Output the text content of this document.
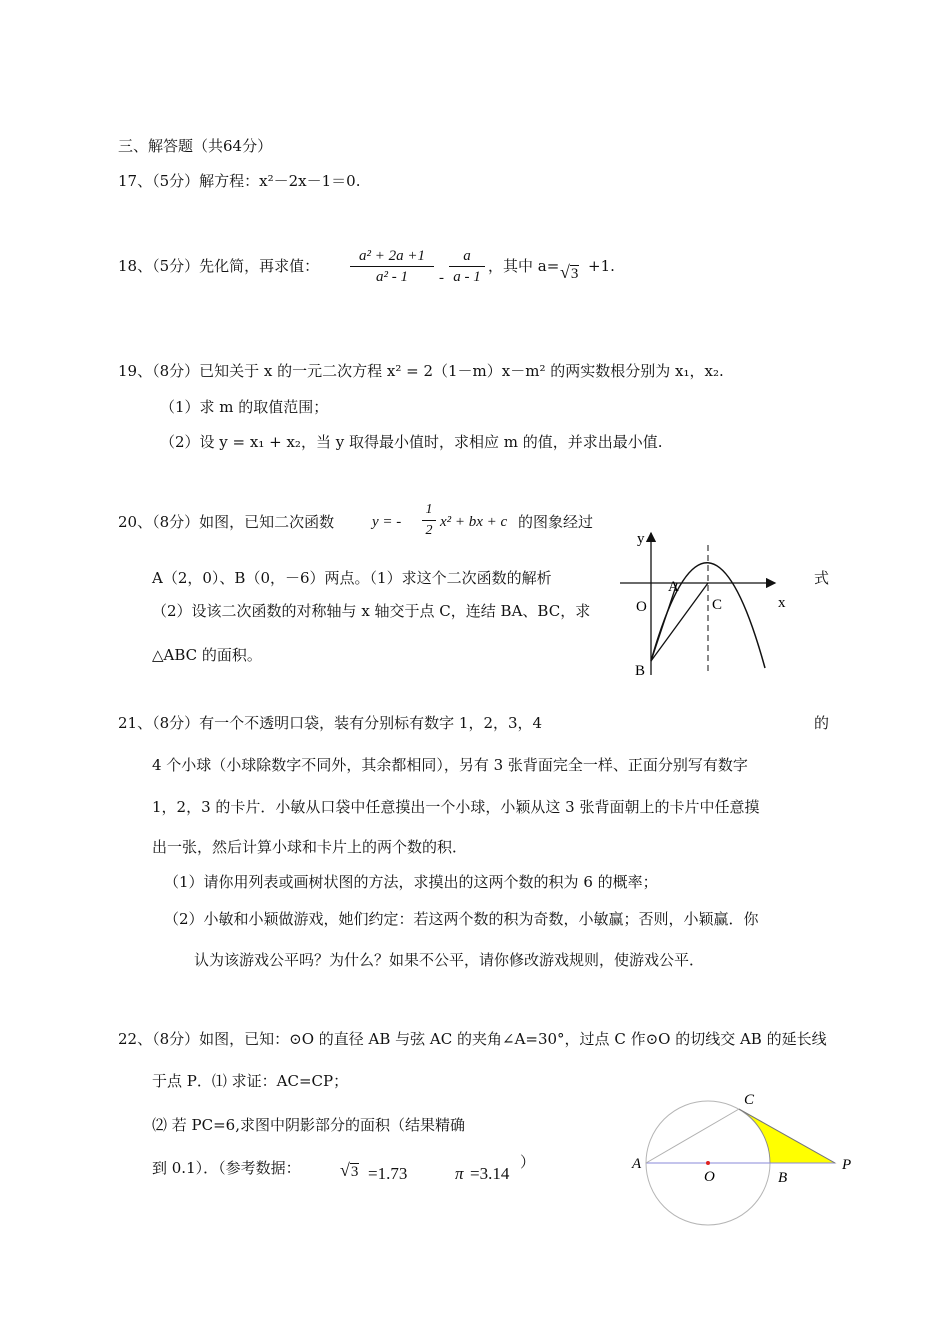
三、解答题（共64分）
17、（5分）解方程：x²－2x－1＝0.
18、（5分）先化简，再求值：
a² + 2a +1
a² - 1	-
a
a - 1
，其中 a= √3 +1.
19、（8分）已知关于 x 的一元二次方程 x² = 2（1－m）x－m² 的两实数根分别为 x₁，x₂.
（1）求 m 的取值范围；
（2）设 y = x₁ + x₂，当 y 取得最小值时，求相应 m 的值，并求出最小值.
20、（8分）如图，已知二次函数	y = -
1
2
x² + bx + c 的图象经过
A（2，0）、B（0，－6）两点。（1）求这个二次函数的解析	式
（2）设该二次函数的对称轴与 x 轴交于点 C，连结 BA、BC，求
△ABC 的面积。
y
x
O
A
C
B
21、（8分）有一个不透明口袋，装有分别标有数字 1，2，3，4	的
4 个小球（小球除数字不同外，其余都相同），另有 3 张背面完全一样、正面分别写有数字
1，2，3 的卡片．小敏从口袋中任意摸出一个小球，小颖从这 3 张背面朝上的卡片中任意摸
出一张，然后计算小球和卡片上的两个数的积．
（1）请你用列表或画树状图的方法，求摸出的这两个数的积为 6 的概率；
（2）小敏和小颖做游戏，她们约定：若这两个数的积为奇数，小敏赢；否则，小颖赢．你
认为该游戏公平吗？为什么？如果不公平，请你修改游戏规则，使游戏公平．
22、（8分）如图，已知：⊙O 的直径 AB 与弦 AC 的夹角∠A=30°，过点 C 作⊙O 的切线交 AB 的延长线
于点 P．⑴ 求证：AC=CP；
⑵ 若 PC=6,求图中阴影部分的面积（结果精确
到 0.1）．（参考数据： √3 =1.73	π =3.14
）
C
A
O	B
P
